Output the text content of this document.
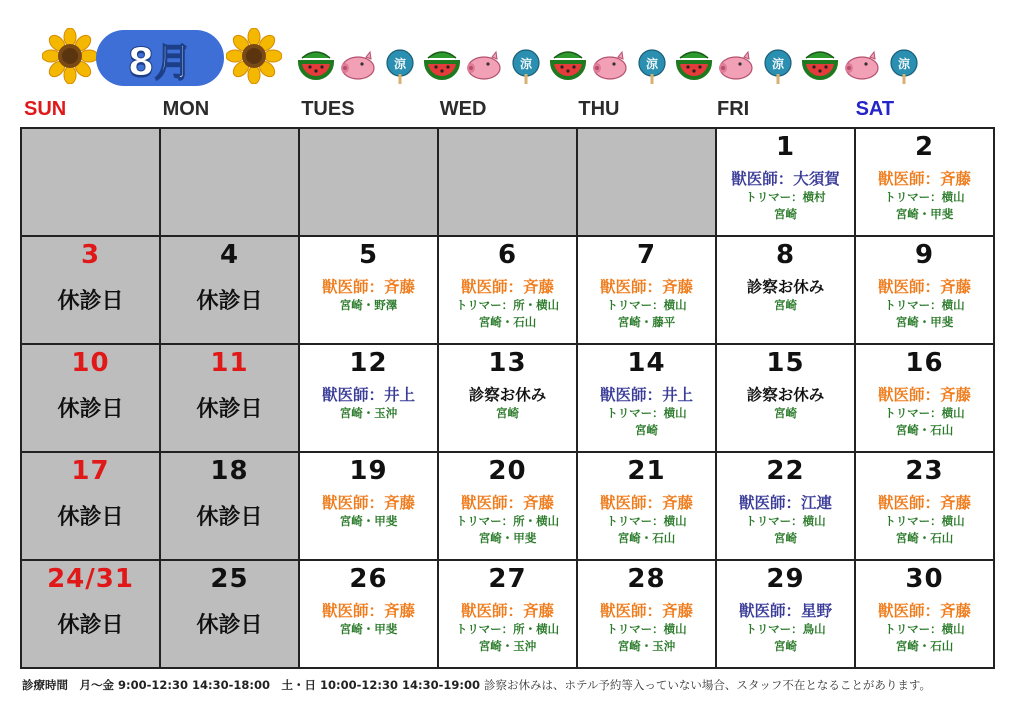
8月	涼	涼	涼	涼	涼
SUN	MON	TUES	WED	THU	FRI	SAT

					1
獣医師：大須賀
トリマー：横村
宮崎	2
獣医師：斉藤
トリマー：横山
宮崎・甲斐

3
休診日	4
休診日	5
獣医師：斉藤
宮崎・野澤	6
獣医師：斉藤
トリマー：所・横山
宮崎・石山	7
獣医師：斉藤
トリマー：横山
宮崎・藤平	8
診察お休み
宮崎	9
獣医師：斉藤
トリマー：横山
宮崎・甲斐

10
休診日	11
休診日	12
獣医師：井上
宮崎・玉沖	13
診察お休み
宮崎	14
獣医師：井上
トリマー：横山
宮崎	15
診察お休み
宮崎	16
獣医師：斉藤
トリマー：横山
宮崎・石山

17
休診日	18
休診日	19
獣医師：斉藤
宮崎・甲斐	20
獣医師：斉藤
トリマー：所・横山
宮崎・甲斐	21
獣医師：斉藤
トリマー：横山
宮崎・石山	22
獣医師：江連
トリマー：横山
宮崎	23
獣医師：斉藤
トリマー：横山
宮崎・石山

24/31
休診日	25
休診日	26
獣医師：斉藤
宮崎・甲斐	27
獣医師：斉藤
トリマー：所・横山
宮崎・玉沖	28
獣医師：斉藤
トリマー：横山
宮崎・玉沖	29
獣医師：星野
トリマー：鳥山
宮崎	30
獣医師：斉藤
トリマー：横山
宮崎・石山
診療時間　月～金 9:00-12:30 14:30-18:00　土・日 10:00-12:30 14:30-19:00 診察お休みは、ホテル予約等入っていない場合、スタッフ不在となることがあります。
